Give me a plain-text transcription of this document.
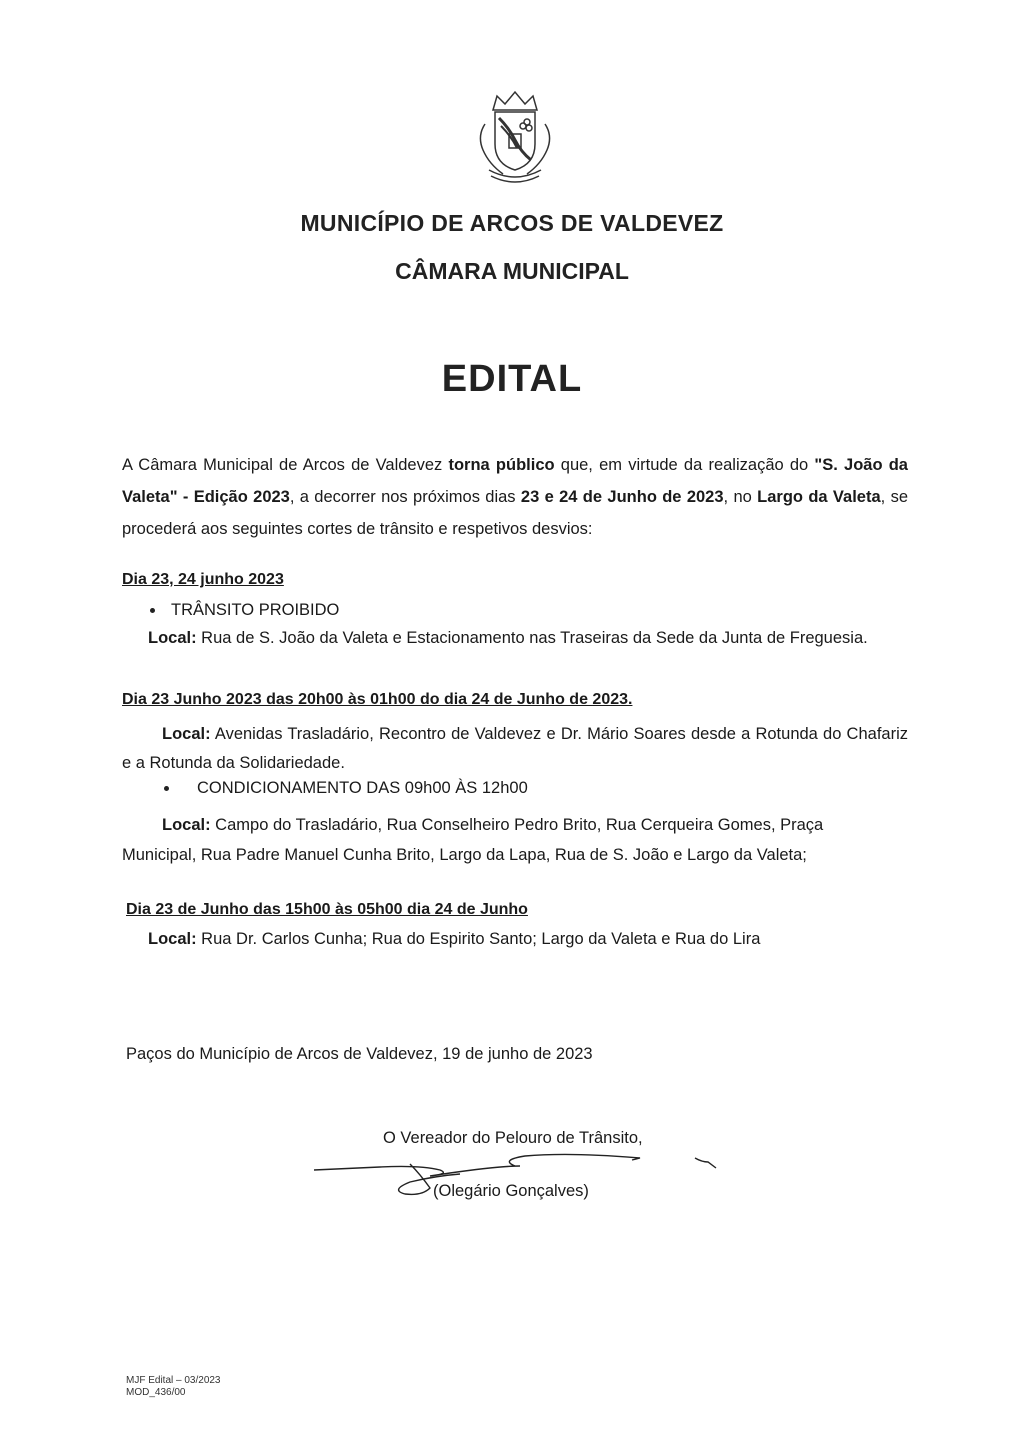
MUNICÍPIO DE ARCOS DE VALDEVEZ
CÂMARA MUNICIPAL
EDITAL
A Câmara Municipal de Arcos de Valdevez torna público que, em virtude da realização do "S. João da Valeta" - Edição 2023, a decorrer nos próximos dias 23 e 24 de Junho de 2023, no Largo da Valeta, se procederá aos seguintes cortes de trânsito e respetivos desvios:
Dia 23, 24 junho 2023
TRÂNSITO PROIBIDO
Local: Rua de S. João da Valeta e Estacionamento nas Traseiras da Sede da Junta de Freguesia.
Dia 23 Junho 2023 das 20h00 às 01h00 do dia 24 de Junho de 2023.
Local: Avenidas Trasladário, Recontro de Valdevez e Dr. Mário Soares desde a Rotunda do Chafariz e a Rotunda da Solidariedade.
CONDICIONAMENTO DAS 09h00 ÀS 12h00
Local: Campo do Trasladário, Rua Conselheiro Pedro Brito, Rua Cerqueira Gomes, Praça Municipal, Rua Padre Manuel Cunha Brito, Largo da Lapa, Rua de S. João e Largo da Valeta;
Dia 23 de Junho das 15h00 às 05h00 dia 24 de Junho
Local: Rua Dr. Carlos Cunha; Rua do Espirito Santo; Largo da Valeta e Rua do Lira
Paços do Município de Arcos de Valdevez, 19 de junho de 2023
O Vereador do Pelouro de Trânsito,
(Olegário Gonçalves)
MJF Edital – 03/2023
MOD_436/00
